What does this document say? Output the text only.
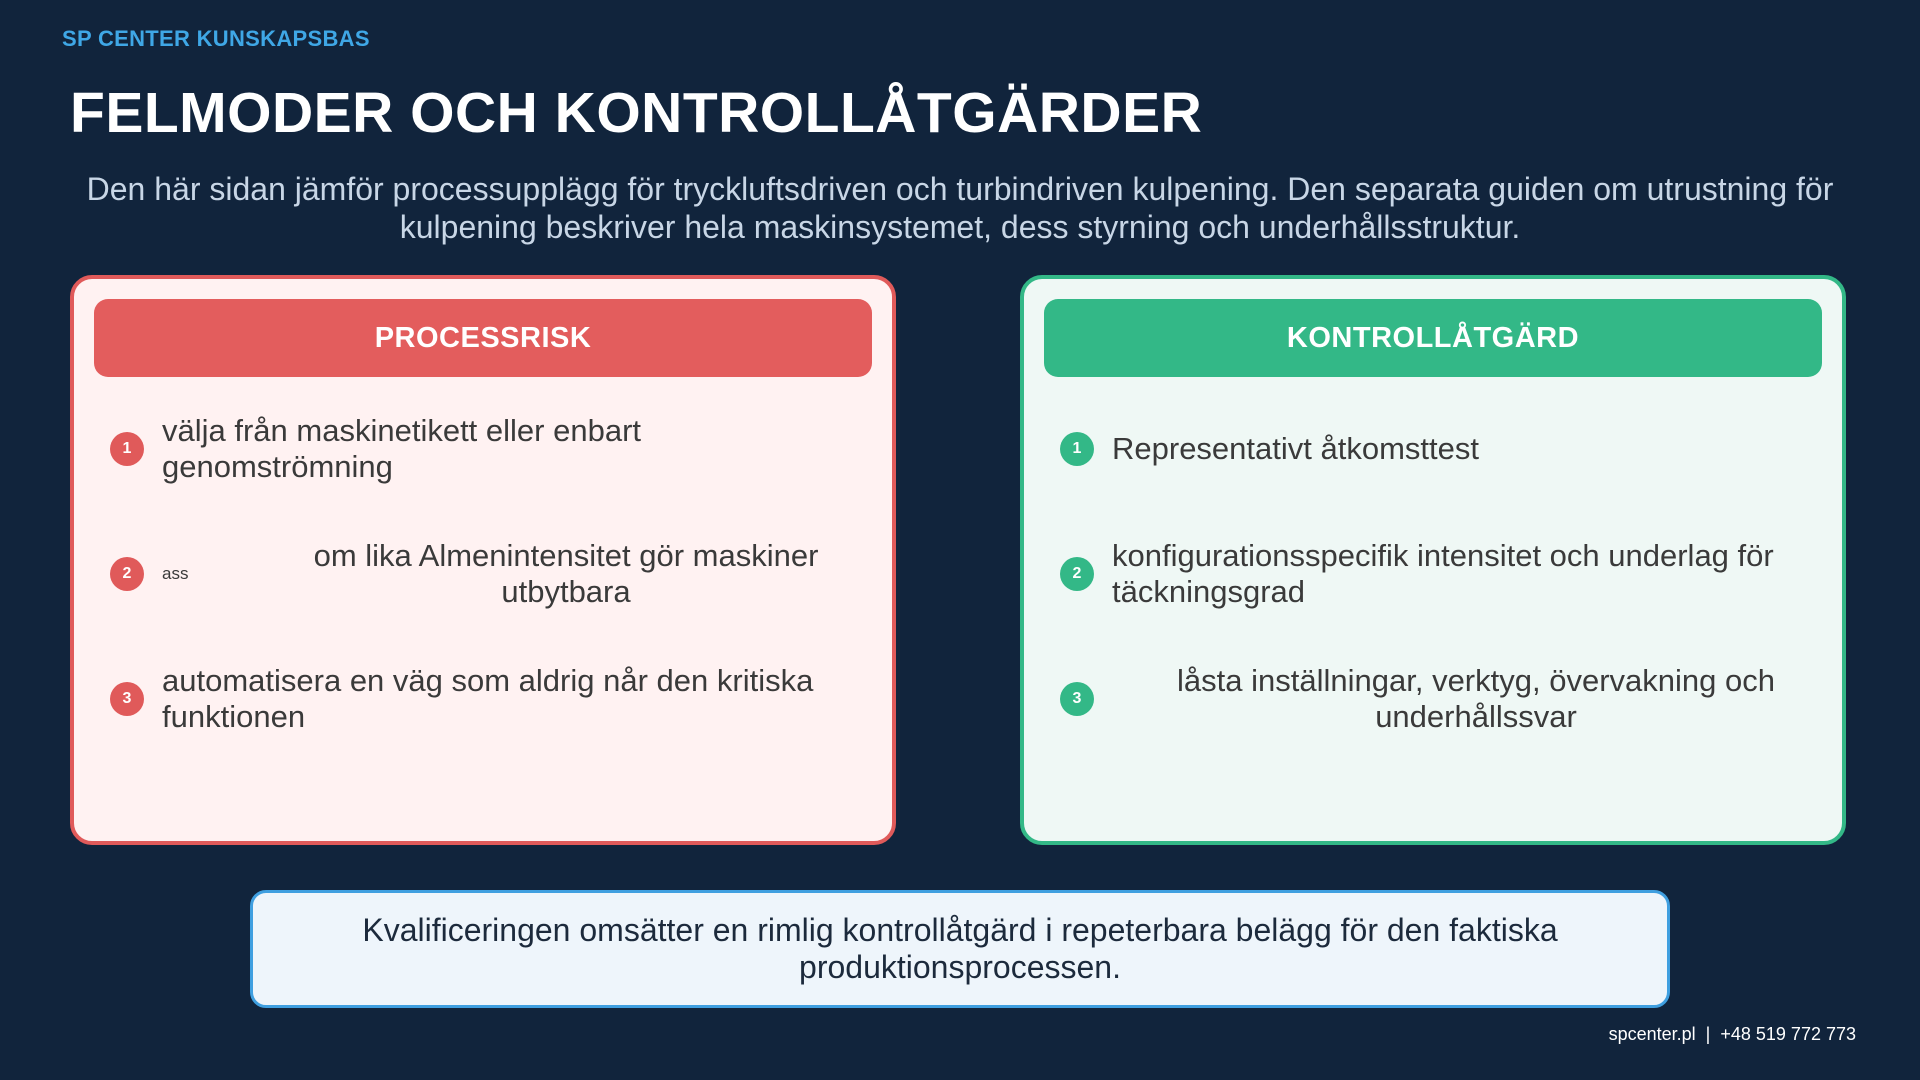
SP CENTER KUNSKAPSBAS
FELMODER OCH KONTROLLÅTGÄRDER
Den här sidan jämför processupplägg för tryckluftsdriven och turbindriven kulpening. Den separata guiden om utrustning för kulpening beskriver hela maskinsystemet, dess styrning och underhållsstruktur.
PROCESSRISK
1
välja från maskinetikett eller enbart genomströmning
2	ass
om lika Almenintensitet gör maskiner utbytbara
3
automatisera en väg som aldrig når den kritiska funktionen
KONTROLLÅTGÄRD
1 Representativt åtkomsttest
2
konfigurationsspecifik intensitet och underlag för täckningsgrad
3
låsta inställningar, verktyg, övervakning och underhållssvar
Kvalificeringen omsätter en rimlig kontrollåtgärd i repeterbara belägg för den faktiska produktionsprocessen.
spcenter.pl  |  +48 519 772 773
